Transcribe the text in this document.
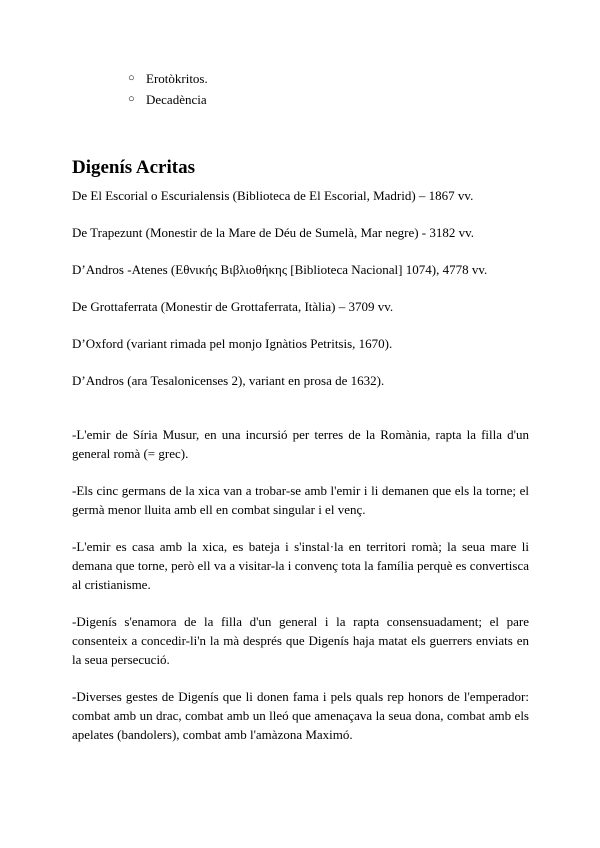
○ Erotòkritos.
○ Decadència
Digenís Acritas

De El Escorial o Escurialensis (Biblioteca de El Escorial, Madrid) – 1867 vv.

De Trapezunt (Monestir de la Mare de Déu de Sumelà, Mar negre) - 3182 vv.

D’Andros -Atenes (Εθνικής Βιβλιοθήκης [Biblioteca Nacional] 1074), 4778 vv.

De Grottaferrata (Monestir de Grottaferrata, Itàlia) – 3709 vv.

D’Oxford (variant rimada pel monjo Ignàtios Petritsis, 1670).

D’Andros (ara Tesalonicenses 2), variant en prosa de 1632).

-L'emir de Síria Musur, en una incursió per terres de la Romània, rapta la filla d'un general romà (= grec).

-Els cinc germans de la xica van a trobar-se amb l'emir i li demanen que els la torne; el germà menor lluita amb ell en combat singular i el venç.

-L'emir es casa amb la xica, es bateja i s'instal·la en territori romà; la seua mare li demana que torne, però ell va a visitar-la i convenç tota la família perquè es convertisca al cristianisme.

-Digenís s'enamora de la filla d'un general i la rapta consensuadament; el pare consenteix a concedir-li'n la mà després que Digenís haja matat els guerrers enviats en la seua persecució.

-Diverses gestes de Digenís que li donen fama i pels quals rep honors de l'emperador: combat amb un drac, combat amb un lleó que amenaçava la seua dona, combat amb els apelates (bandolers), combat amb l'amàzona Maximó.
